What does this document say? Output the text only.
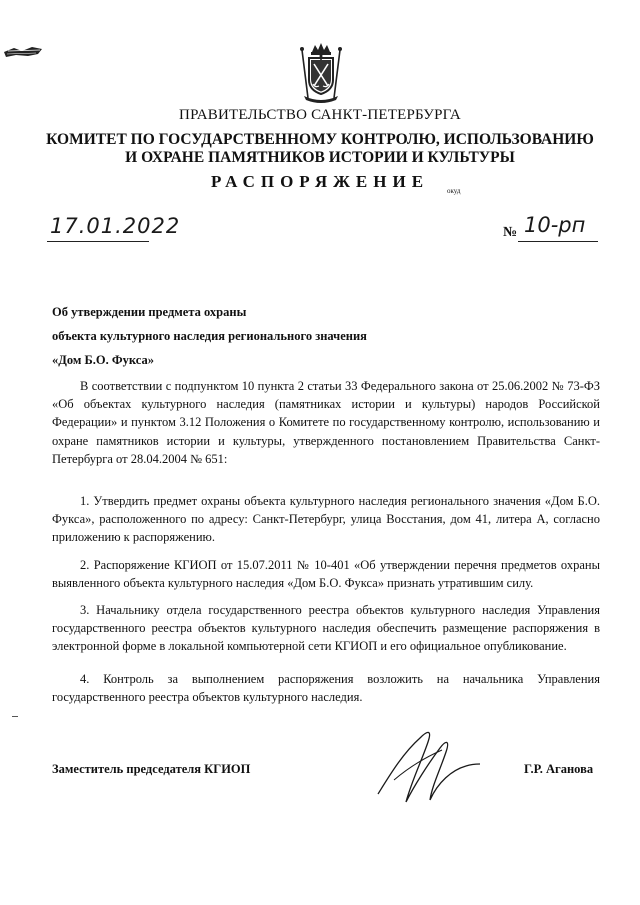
ПРАВИТЕЛЬСТВО САНКТ-ПЕТЕРБУРГА
КОМИТЕТ ПО ГОСУДАРСТВЕННОМУ КОНТРОЛЮ, ИСПОЛЬЗОВАНИЮ
И ОХРАНЕ ПАМЯТНИКОВ ИСТОРИИ И КУЛЬТУРЫ
РАСПОРЯЖЕНИЕ	окуд
17.01.2022	№ 10-рп
Об утверждении предмета охраны
объекта культурного наследия регионального значения
«Дом Б.О. Фукса»
В соответствии с подпунктом 10 пункта 2 статьи 33 Федерального закона от 25.06.2002 № 73-ФЗ «Об объектах культурного наследия (памятниках истории и культуры) народов Российской Федерации» и пунктом 3.12 Положения о Комитете по государственному контролю, использованию и охране памятников истории и культуры, утвержденного постановлением Правительства Санкт-Петербурга от 28.04.2004 № 651:
1. Утвердить предмет охраны объекта культурного наследия регионального значения «Дом Б.О. Фукса», расположенного по адресу: Санкт-Петербург, улица Восстания, дом 41, литера А, согласно приложению к распоряжению.
2. Распоряжение КГИОП от 15.07.2011 № 10-401 «Об утверждении перечня предметов охраны выявленного объекта культурного наследия «Дом Б.О. Фукса» признать утратившим силу.
3. Начальнику отдела государственного реестра объектов культурного наследия Управления государственного реестра объектов культурного наследия обеспечить размещение распоряжения в электронной форме в локальной компьютерной сети КГИОП и его официальное опубликование.
4. Контроль за выполнением распоряжения возложить на начальника Управления государственного реестра объектов культурного наследия.
Заместитель председателя КГИОП	Г.Р. Аганова
